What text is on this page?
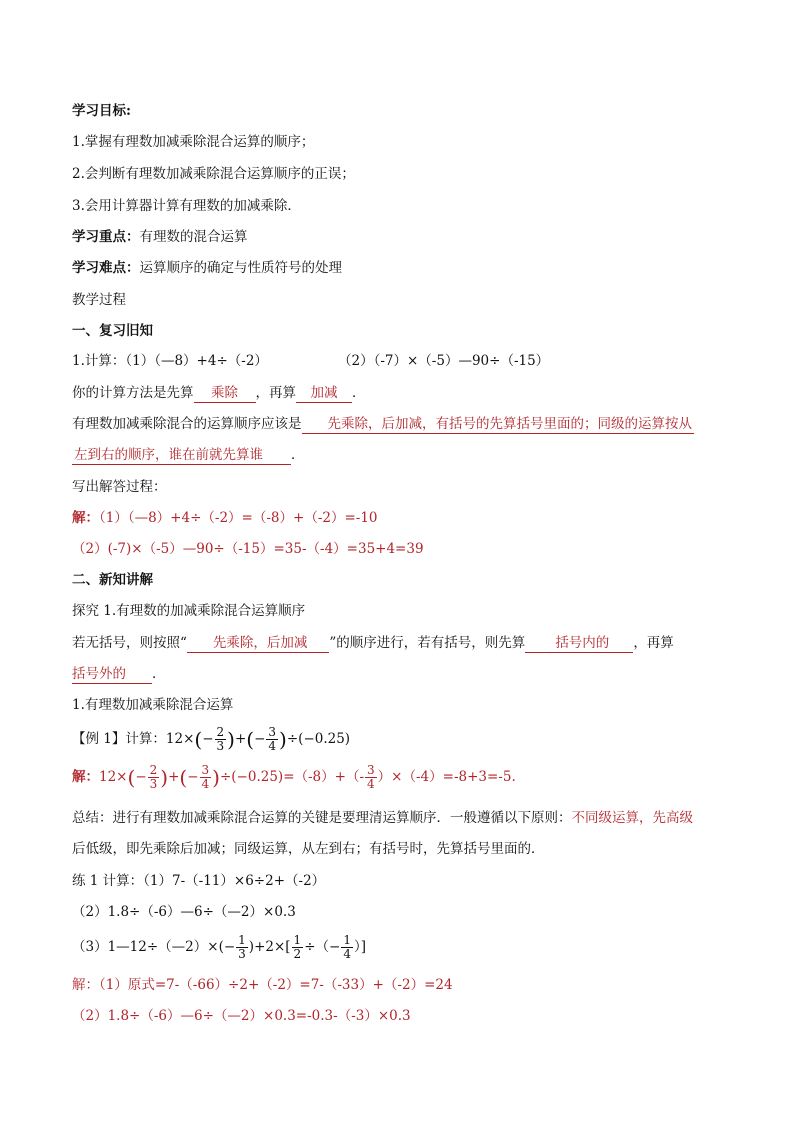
学习目标:
1.掌握有理数加减乘除混合运算的顺序；
2.会判断有理数加减乘除混合运算顺序的正误；
3.会用计算器计算有理数的加减乘除．
学习重点：有理数的混合运算
学习难点：运算顺序的确定与性质符号的处理
教学过程
一、复习旧知
1.计算：（1）（—8）+4÷（-2）	（2）（-7）×（-5）—90÷（-15）
你的计算方法是先算 乘除 ，再算 加减 ．
有理数加减乘除混合的运算顺序应该是 先乘除，后加减，有括号的先算括号里面的；同级的运算按从
左到右的顺序，谁在前就先算谁 ．
写出解答过程：
解：（1）（—8）+4÷（-2）=（-8）+（-2）=-10
（2）(-7)×（-5）—90÷（-15）=35-（-4）=35+4=39
二、新知讲解
探究 1.有理数的加减乘除混合运算顺序
若无括号，则按照“ 先乘除，后加减 ”的顺序进行，若有括号，则先算 括号内的 ，再算
括号外的 ．
1.有理数加减乘除混合运算
【例 1】计算：$12\times(- \frac{2}{3}$ )+(− $\frac{3}{4} )\div(-0.25)$
解：$12\times(- \frac{2}{3}$ )+(− $\frac{3}{4} )\div(-0.25)=(-8)+(- \frac{3}{4} )\times(-4)=-8+3=-5$.
总结：进行有理数加减乘除混合运算的关键是要理清运算顺序．一般遵循以下原则：不同级运算，先高级
后低级，即先乘除后加减；同级运算，从左到右；有括号时，先算括号里面的．
练 1 计算：（1）7-（-11）×6÷2+（-2）
（2）1.8÷（-6）—6÷（—2）×0.3
（3）1—12÷（—2）×(− $\frac{1}{3} )+2\times[ \frac{1}{2}$ ÷（− $\frac{1}{4}$ ）]
解：（1）原式=7-（-66）÷2+（-2）=7-（-33）+（-2）=24
（2）1.8÷（-6）—6÷（—2）×0.3=-0.3-（-3）×0.3
